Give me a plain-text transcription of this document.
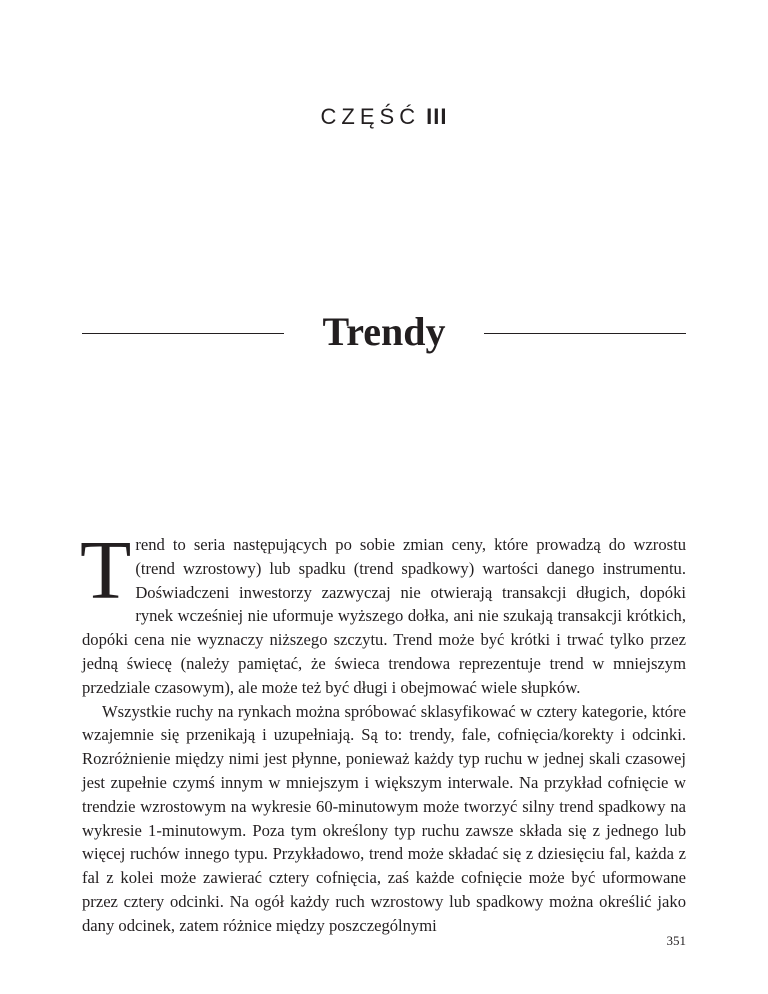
CZĘŚĆ III
Trendy

Trend to seria następujących po sobie zmian ceny, które prowadzą do wzrostu (trend wzrostowy) lub spadku (trend spadkowy) wartości danego instrumentu. Doświadczeni inwestorzy zazwyczaj nie otwierają transakcji długich, dopóki rynek wcześniej nie uformuje wyższego dołka, ani nie szukają transakcji krótkich, dopóki cena nie wyznaczy niższego szczytu. Trend może być krótki i trwać tylko przez jedną świecę (należy pamiętać, że świeca trendowa reprezentuje trend w mniejszym przedziale czasowym), ale może też być długi i obejmować wiele słupków.

Wszystkie ruchy na rynkach można spróbować sklasyfikować w cztery kategorie, które wzajemnie się przenikają i uzupełniają. Są to: trendy, fale, cofnięcia/korekty i odcinki. Rozróżnienie między nimi jest płynne, ponieważ każdy typ ruchu w jednej skali czasowej jest zupełnie czymś innym w mniejszym i większym interwale. Na przykład cofnięcie w trendzie wzrostowym na wykresie 60-minutowym może tworzyć silny trend spadkowy na wykresie 1-minutowym. Poza tym określony typ ruchu zawsze składa się z jednego lub więcej ruchów innego typu. Przykładowo, trend może składać się z dziesięciu fal, każda z fal z kolei może zawierać cztery cofnięcia, zaś każde cofnięcie może być uformowane przez cztery odcinki. Na ogół każdy ruch wzrostowy lub spadkowy można określić jako dany odcinek, zatem różnice między poszczególnymi

351
